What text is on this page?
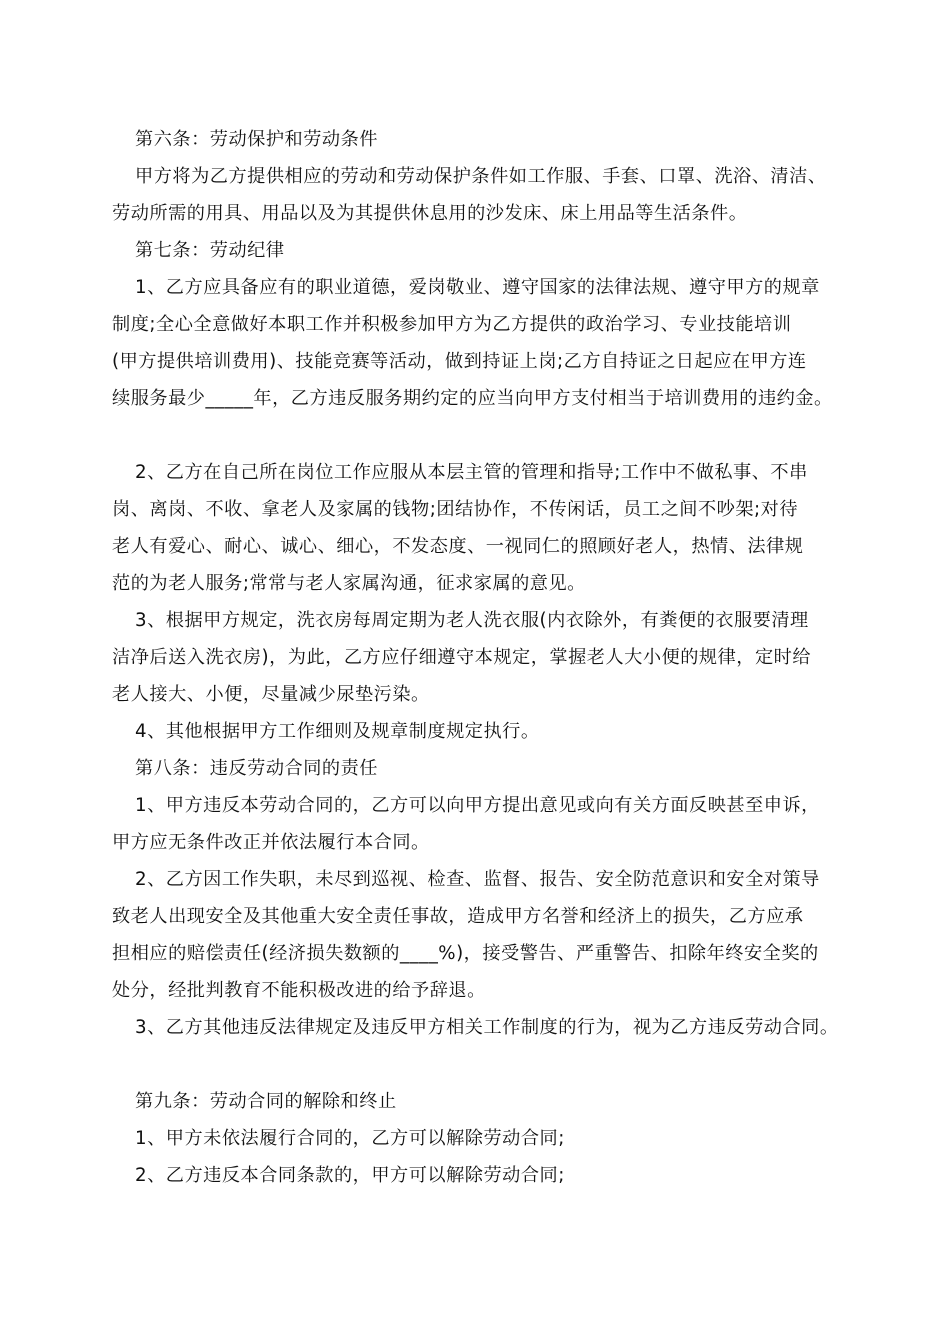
第六条：劳动保护和劳动条件

甲方将为乙方提供相应的劳动和劳动保护条件如工作服、手套、口罩、洗浴、清洁、

劳动所需的用具、用品以及为其提供休息用的沙发床、床上用品等生活条件。

第七条：劳动纪律

1、乙方应具备应有的职业道德，爱岗敬业、遵守国家的法律法规、遵守甲方的规章

制度;全心全意做好本职工作并积极参加甲方为乙方提供的政治学习、专业技能培训

(甲方提供培训费用)、技能竞赛等活动，做到持证上岗;乙方自持证之日起应在甲方连

续服务最少_____年，乙方违反服务期约定的应当向甲方支付相当于培训费用的违约金。

2、乙方在自己所在岗位工作应服从本层主管的管理和指导;工作中不做私事、不串

岗、离岗、不收、拿老人及家属的钱物;团结协作，不传闲话，员工之间不吵架;对待

老人有爱心、耐心、诚心、细心，不发态度、一视同仁的照顾好老人，热情、法律规

范的为老人服务;常常与老人家属沟通，征求家属的意见。

3、根据甲方规定，洗衣房每周定期为老人洗衣服(内衣除外，有粪便的衣服要清理

洁净后送入洗衣房)，为此，乙方应仔细遵守本规定，掌握老人大小便的规律，定时给

老人接大、小便，尽量减少尿垫污染。

4、其他根据甲方工作细则及规章制度规定执行。

第八条：违反劳动合同的责任

1、甲方违反本劳动合同的，乙方可以向甲方提出意见或向有关方面反映甚至申诉，

甲方应无条件改正并依法履行本合同。

2、乙方因工作失职，未尽到巡视、检查、监督、报告、安全防范意识和安全对策导

致老人出现安全及其他重大安全责任事故，造成甲方名誉和经济上的损失，乙方应承

担相应的赔偿责任(经济损失数额的____%)，接受警告、严重警告、扣除年终安全奖的

处分，经批判教育不能积极改进的给予辞退。

3、乙方其他违反法律规定及违反甲方相关工作制度的行为，视为乙方违反劳动合同。

第九条：劳动合同的解除和终止

1、甲方未依法履行合同的，乙方可以解除劳动合同;

2、乙方违反本合同条款的，甲方可以解除劳动合同;
